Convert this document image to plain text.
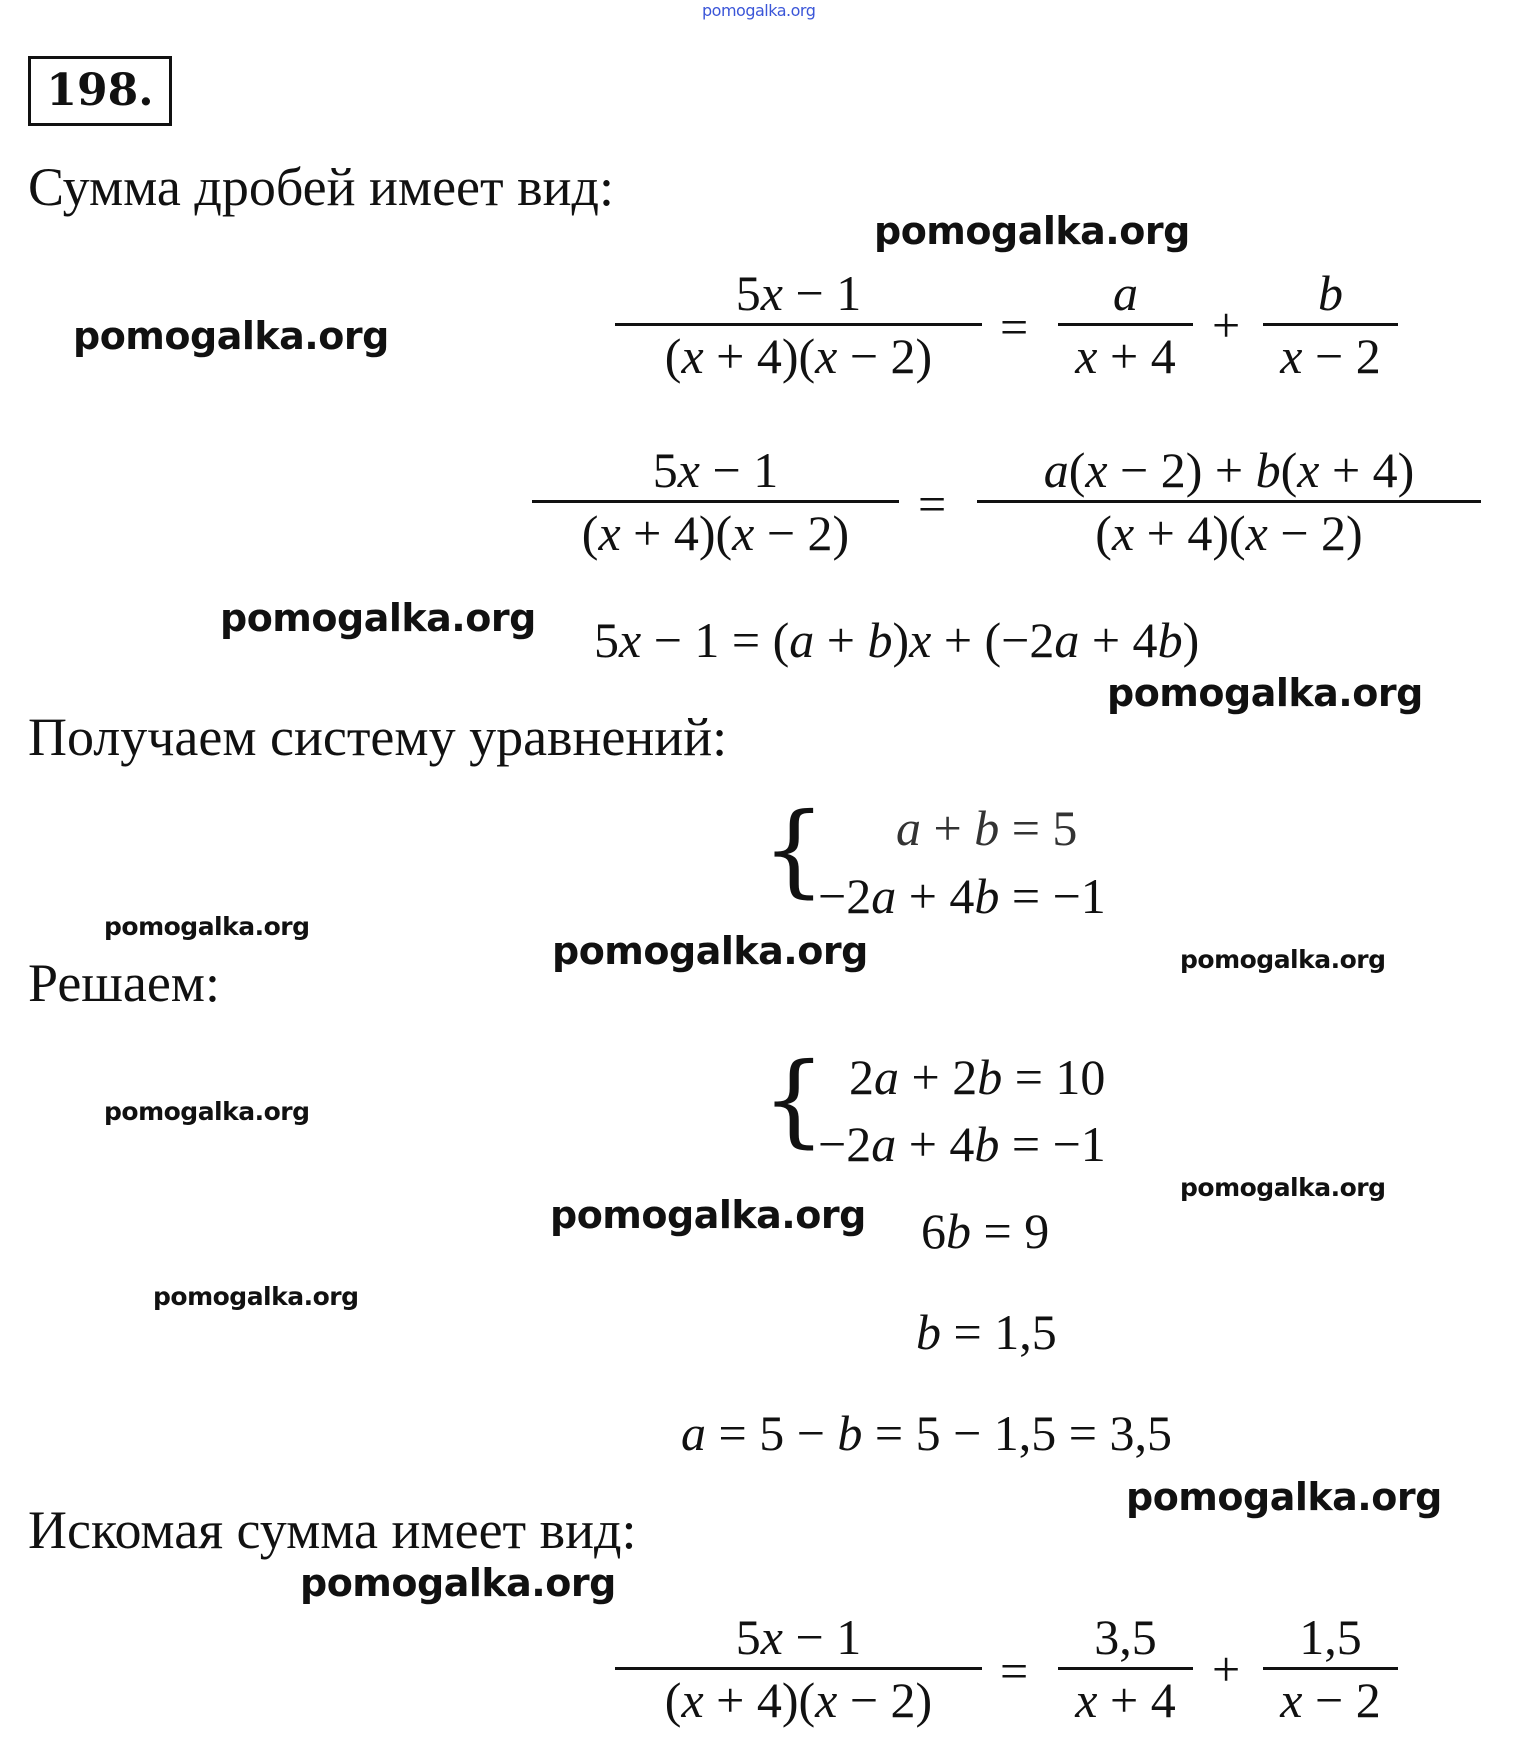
pomogalka.org
198.
Сумма дробей имеет вид:
5x − 1
(x + 4)(x − 2)
=
a
x + 4
+
b
x − 2
5x − 1
(x + 4)(x − 2)
=
a(x − 2) + b(x + 4)
(x + 4)(x − 2)
5x − 1 = (a + b)x + (−2a + 4b)
Получаем систему уравнений:
{ a + b = 5
−2a + 4b = −1
Решаем:
{ 2a + 2b = 10
−2a + 4b = −1
6b = 9
b = 1,5
a = 5 − b = 5 − 1,5 = 3,5
Искомая сумма имеет вид:
5x − 1
(x + 4)(x − 2)
=
3,5
x + 4
+
1,5
x − 2
pomogalka.org
pomogalka.org
pomogalka.org
pomogalka.org
pomogalka.org
pomogalka.org
pomogalka.org
pomogalka.org
pomogalka.org
pomogalka.org
pomogalka.org
pomogalka.org
pomogalka.org
